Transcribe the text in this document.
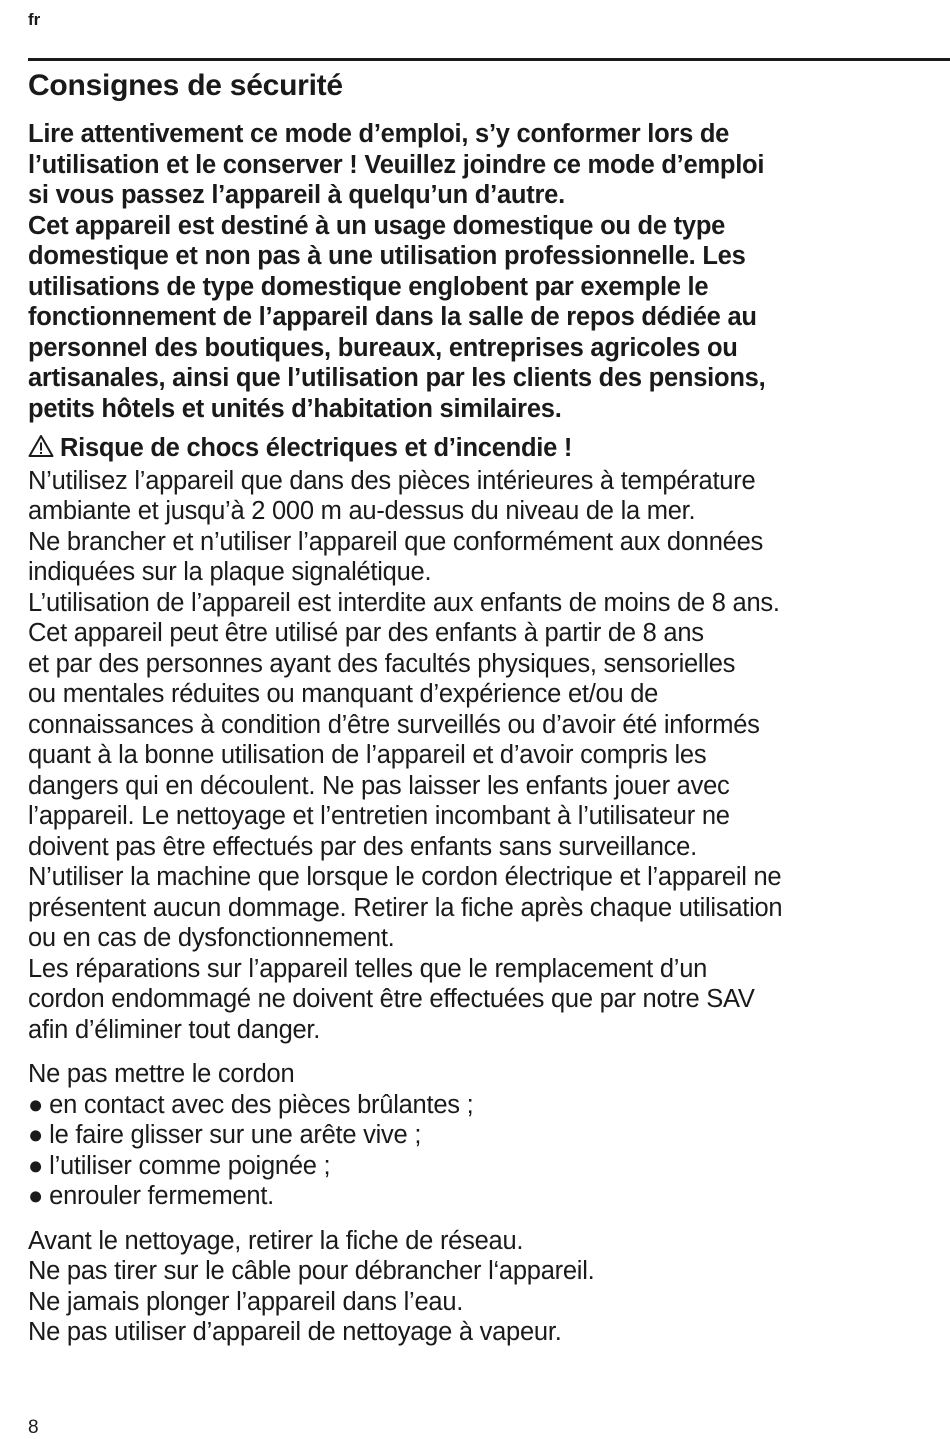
fr
Consignes de sécurité
Lire attentivement ce mode d’emploi, s’y conformer lors de
l’utilisation et le conserver ! Veuillez joindre ce mode d’emploi
si vous passez l’appareil à quelqu’un d’autre.
Cet appareil est destiné à un usage domestique ou de type
domestique et non pas à une utilisation professionnelle. Les
utilisations de type domestique englobent par exemple le
fonctionnement de l’appareil dans la salle de repos dédiée au
personnel des boutiques, bureaux, entreprises agricoles ou
artisanales, ainsi que l’utilisation par les clients des pensions,
petits hôtels et unités d’habitation similaires.
Risque de chocs électriques et d’incendie !
N’utilisez l’appareil que dans des pièces intérieures à température
ambiante et jusqu’à 2 000 m au-dessus du niveau de la mer.
Ne brancher et n’utiliser l’appareil que conformément aux données
indiquées sur la plaque signalétique.
L’utilisation de l’appareil est interdite aux enfants de moins de 8 ans.
Cet appareil peut être utilisé par des enfants à partir de 8 ans
et par des personnes ayant des facultés physiques, sensorielles
ou mentales réduites ou manquant d’expérience et/ou de
connaissances à condition d’être surveillés ou d’avoir été informés
quant à la bonne utilisation de l’appareil et d’avoir compris les
dangers qui en découlent. Ne pas laisser les enfants jouer avec
l’appareil. Le nettoyage et l’entretien incombant à l’utilisateur ne
doivent pas être effectués par des enfants sans surveillance.
N’utiliser la machine que lorsque le cordon électrique et l’appareil ne
présentent aucun dommage. Retirer la fiche après chaque utilisation
ou en cas de dysfonctionnement.
Les réparations sur l’appareil telles que le remplacement d’un
cordon endommagé ne doivent être effectuées que par notre SAV
afin d’éliminer tout danger.
Ne pas mettre le cordon
● en contact avec des pièces brûlantes ;
● le faire glisser sur une arête vive ;
● l’utiliser comme poignée ;
● enrouler fermement.
Avant le nettoyage, retirer la fiche de réseau.
Ne pas tirer sur le câble pour débrancher l‘appareil.
Ne jamais plonger l’appareil dans l’eau.
Ne pas utiliser d’appareil de nettoyage à vapeur.
8
